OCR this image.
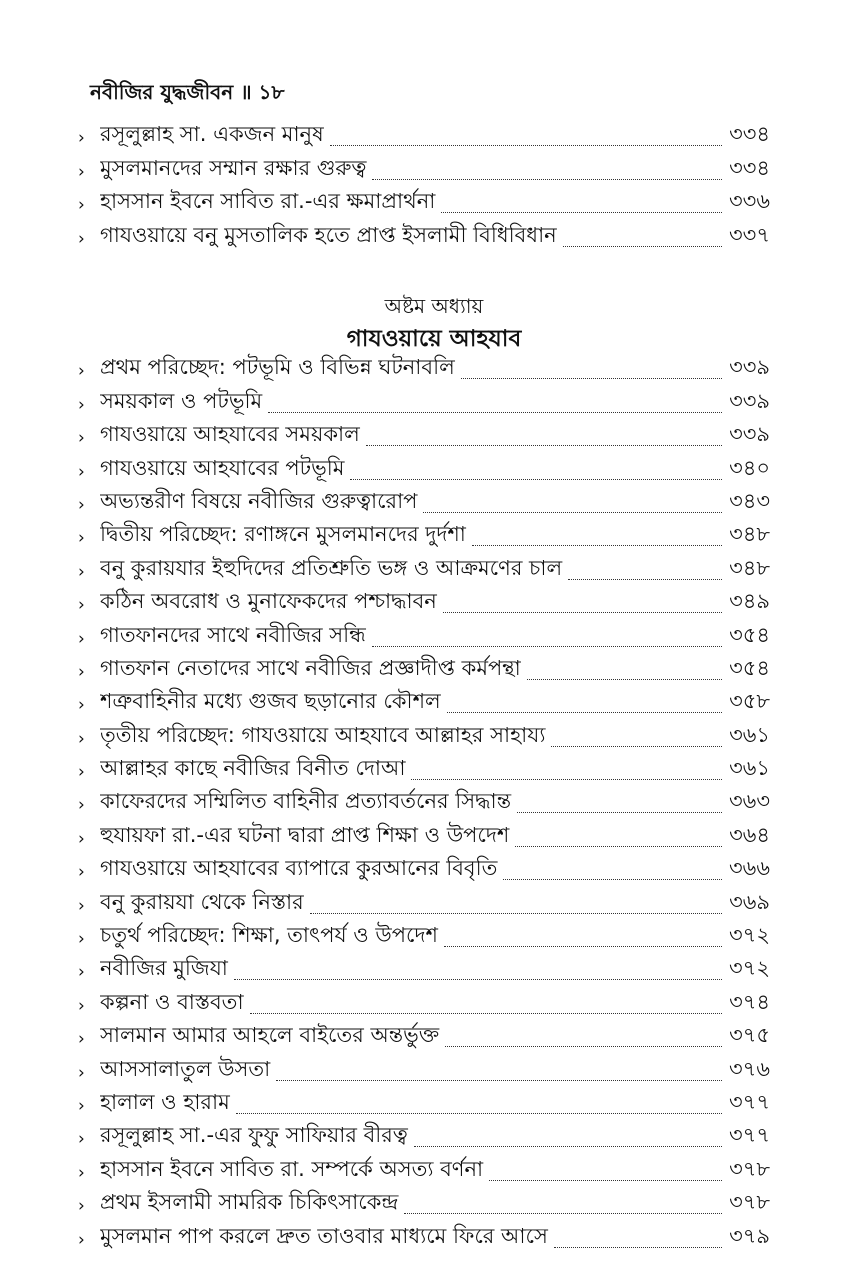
নবীজির যুদ্ধজীবন ॥ ১৮
› রসূলুল্লাহ সা. একজন মানুষ	৩৩৪
› মুসলমানদের সম্মান রক্ষার গুরুত্ব	৩৩৪
› হাসসান ইবনে সাবিত রা.-এর ক্ষমাপ্রার্থনা	৩৩৬
› গাযওয়ায়ে বনু মুসতালিক হতে প্রাপ্ত ইসলামী বিধিবিধান	৩৩৭
অষ্টম অধ্যায়
গাযওয়ায়ে আহযাব
› প্রথম পরিচ্ছেদ: পটভূমি ও বিভিন্ন ঘটনাবলি	৩৩৯
› সময়কাল ও পটভূমি	৩৩৯
› গাযওয়ায়ে আহযাবের সময়কাল	৩৩৯
› গাযওয়ায়ে আহযাবের পটভূমি	৩৪০
› অভ্যন্তরীণ বিষয়ে নবীজির গুরুত্বারোপ	৩৪৩
› দ্বিতীয় পরিচ্ছেদ: রণাঙ্গনে মুসলমানদের দুর্দশা	৩৪৮
› বনু কুরায়যার ইহুদিদের প্রতিশ্রুতি ভঙ্গ ও আক্রমণের চাল	৩৪৮
› কঠিন অবরোধ ও মুনাফেকদের পশ্চাদ্ধাবন	৩৪৯
› গাতফানদের সাথে নবীজির সন্ধি	৩৫৪
› গাতফান নেতাদের সাথে নবীজির প্রজ্ঞাদীপ্ত কর্মপন্থা	৩৫৪
› শত্রুবাহিনীর মধ্যে গুজব ছড়ানোর কৌশল	৩৫৮
› তৃতীয় পরিচ্ছেদ: গাযওয়ায়ে আহযাবে আল্লাহর সাহায্য	৩৬১
› আল্লাহর কাছে নবীজির বিনীত দোআ	৩৬১
› কাফেরদের সম্মিলিত বাহিনীর প্রত্যাবর্তনের সিদ্ধান্ত	৩৬৩
› হুযায়ফা রা.-এর ঘটনা দ্বারা প্রাপ্ত শিক্ষা ও উপদেশ	৩৬৪
› গাযওয়ায়ে আহযাবের ব্যাপারে কুরআনের বিবৃতি	৩৬৬
› বনু কুরায়যা থেকে নিস্তার	৩৬৯
› চতুর্থ পরিচ্ছেদ: শিক্ষা, তাৎপর্য ও উপদেশ	৩৭২
› নবীজির মুজিযা	৩৭২
› কল্পনা ও বাস্তবতা	৩৭৪
› সালমান আমার আহলে বাইতের অন্তর্ভুক্ত	৩৭৫
› আসসালাতুল উসতা	৩৭৬
› হালাল ও হারাম	৩৭৭
› রসূলুল্লাহ সা.-এর ফুফু সাফিয়ার বীরত্ব	৩৭৭
› হাসসান ইবনে সাবিত রা. সম্পর্কে অসত্য বর্ণনা	৩৭৮
› প্রথম ইসলামী সামরিক চিকিৎসাকেন্দ্র	৩৭৮
› মুসলমান পাপ করলে দ্রুত তাওবার মাধ্যমে ফিরে আসে	৩৭৯
